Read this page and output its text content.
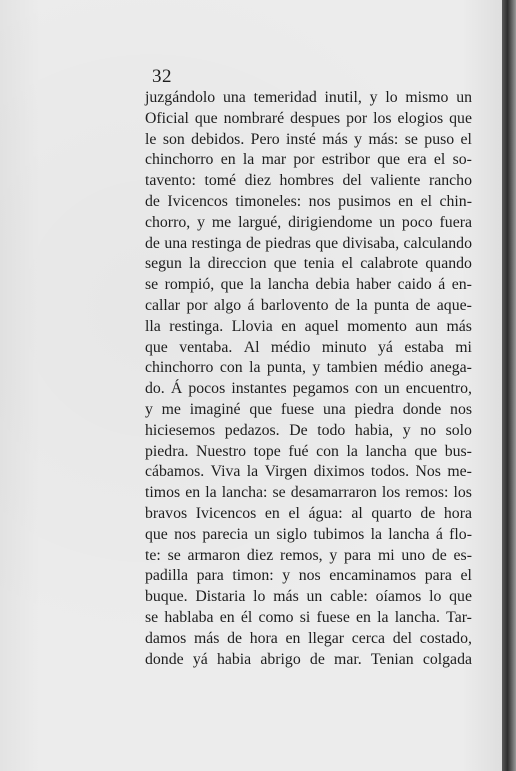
32
juzgándolo una temeridad inutil, y lo mismo un
Oficial que nombraré despues por los elogios que
le son debidos. Pero insté más y más: se puso el
chinchorro en la mar por estribor que era el so-
tavento: tomé diez hombres del valiente rancho
de Ivicencos timoneles: nos pusimos en el chin-
chorro, y me largué, dirigiendome un poco fuera
de una restinga de piedras que divisaba, calculando
segun la direccion que tenia el calabrote quando
se rompió, que la lancha debia haber caido á en-
callar por algo á barlovento de la punta de aque-
lla restinga. Llovia en aquel momento aun más
que ventaba. Al médio minuto yá estaba mi
chinchorro con la punta, y tambien médio anega-
do. Á pocos instantes pegamos con un encuentro,
y me imaginé que fuese una piedra donde nos
hiciesemos pedazos. De todo habia, y no solo
piedra. Nuestro tope fué con la lancha que bus-
cábamos. Viva la Virgen diximos todos. Nos me-
timos en la lancha: se desamarraron los remos: los
bravos Ivicencos en el água: al quarto de hora
que nos parecia un siglo tubimos la lancha á flo-
te: se armaron diez remos, y para mi uno de es-
padilla para timon: y nos encaminamos para el
buque. Distaria lo más un cable: oíamos lo que
se hablaba en él como si fuese en la lancha. Tar-
damos más de hora en llegar cerca del costado,
donde yá habia abrigo de mar. Tenian colgada
